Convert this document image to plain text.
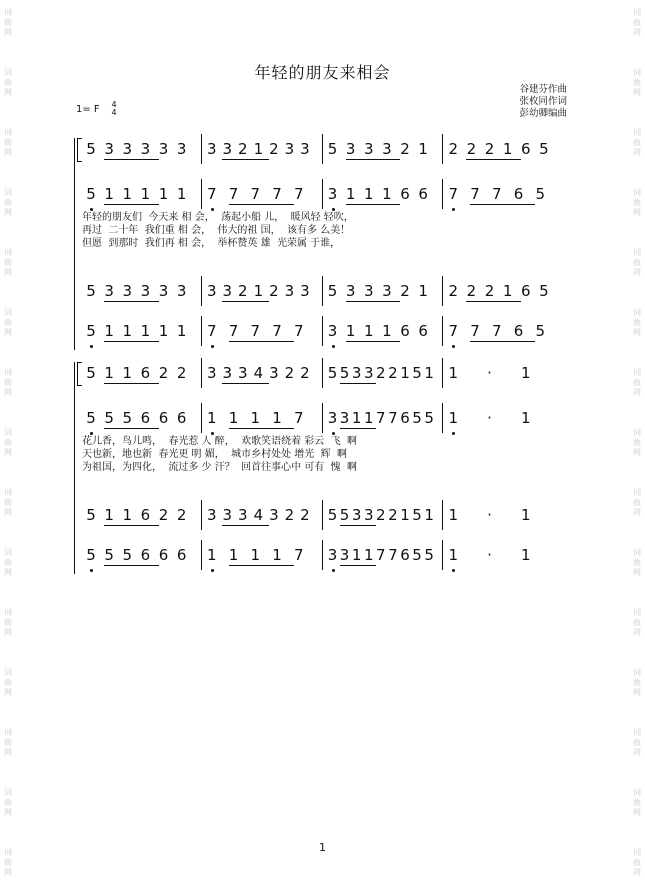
词
曲
网
词
曲
网
词
曲
网
词
曲
网
词
曲
网
词
曲
网
词
曲
网
词
曲
网
词
曲
网
词
曲
网
词
曲
网
词
曲
网
词
曲
网
词
曲
网
词
曲
网
词
曲
网
词
曲
网
词
曲
网
词
曲
网
词
曲
网
词
曲
网
词
曲
网
词
曲
网
词
曲
网
词
曲
网
词
曲
网
词
曲
网
词
曲
网
词
曲
网
词
曲
网
年轻的朋友来相会
谷建芬作曲
张枚同作词
彭幼卿编曲
1= F 4
4
5 3 3 3 3 3 3 3 2 1 2 3 3 5 3 3 3 2 1 2 2 2 1 6 5
5 1 1 1 1 1 7 7 7 7 7 3 1 1 1 6 6 7 7 7 6 5
5 3 3 3 3 3 3 3 2 1 2 3 3 5 3 3 3 2 1 2 2 2 1 6 5
5 1 1 1 1 1 7 7 7 7 7 3 1 1 1 6 6 7 7 7 6 5
年轻的朋友们  今天来 相 会，  荡起小船 儿，  暖风轻 轻吹，
再过  二十年  我们重 相 会，  伟大的祖 国，  该有多 么美！
但愿  到那时  我们再 相 会，  举杯赞英 雄  光荣属 于谁，
5 1 1 6 2 2 3 3 3 4 3 2 2 5 5 3 3 2 2 1 5 1 1 · 1
5 5 5 6 6 6 1 1 1 1 7 3 3 1 1 7 7 6 5 5 1 · 1
5 1 1 6 2 2 3 3 3 4 3 2 2 5 5 3 3 2 2 1 5 1 1 · 1
5 5 5 6 6 6 1 1 1 1 7 3 3 1 1 7 7 6 5 5 1 · 1
花儿香，鸟儿鸣，  春光惹 人 醉，  欢歌笑语绕着 彩云  飞  啊
天也新，地也新  春光更 明 媚，  城市乡村处处 增光  辉  啊
为祖国，为四化，  流过多 少 汗？  回首往事心中 可有  愧  啊
1
